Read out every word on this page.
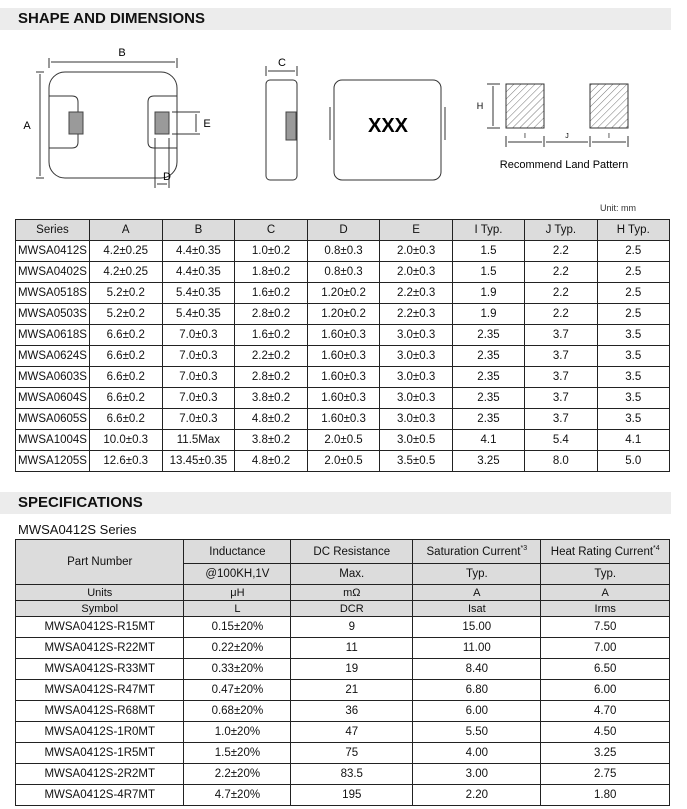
SHAPE AND DIMENSIONS
B
A	E
D
C
XXX
H
I	J	I
Recommend Land Pattern
Unit: mm
Series	A	B	C	D	E	I Typ.	J Typ.	H Typ.
MWSA0412S	4.2±0.25	4.4±0.35	1.0±0.2	0.8±0.3	2.0±0.3	1.5	2.2	2.5
MWSA0402S	4.2±0.25	4.4±0.35	1.8±0.2	0.8±0.3	2.0±0.3	1.5	2.2	2.5
MWSA0518S	5.2±0.2	5.4±0.35	1.6±0.2	1.20±0.2	2.2±0.3	1.9	2.2	2.5
MWSA0503S	5.2±0.2	5.4±0.35	2.8±0.2	1.20±0.2	2.2±0.3	1.9	2.2	2.5
MWSA0618S	6.6±0.2	7.0±0.3	1.6±0.2	1.60±0.3	3.0±0.3	2.35	3.7	3.5
MWSA0624S	6.6±0.2	7.0±0.3	2.2±0.2	1.60±0.3	3.0±0.3	2.35	3.7	3.5
MWSA0603S	6.6±0.2	7.0±0.3	2.8±0.2	1.60±0.3	3.0±0.3	2.35	3.7	3.5
MWSA0604S	6.6±0.2	7.0±0.3	3.8±0.2	1.60±0.3	3.0±0.3	2.35	3.7	3.5
MWSA0605S	6.6±0.2	7.0±0.3	4.8±0.2	1.60±0.3	3.0±0.3	2.35	3.7	3.5
MWSA1004S	10.0±0.3	11.5Max	3.8±0.2	2.0±0.5	3.0±0.5	4.1	5.4	4.1
MWSA1205S	12.6±0.3	13.45±0.35	4.8±0.2	2.0±0.5	3.5±0.5	3.25	8.0	5.0
SPECIFICATIONS
MWSA0412S Series
Part Number	Inductance	DC Resistance	Saturation Current$^{*3}$	Heat Rating Current$^{*4}$
	@100KH,1V	Max.	Typ.	Typ.
Units	μH	mΩ	A	A
Symbol	L	DCR	Isat	Irms
MWSA0412S-R15MT	0.15±20%	9	15.00	7.50
MWSA0412S-R22MT	0.22±20%	11	11.00	7.00
MWSA0412S-R33MT	0.33±20%	19	8.40	6.50
MWSA0412S-R47MT	0.47±20%	21	6.80	6.00
MWSA0412S-R68MT	0.68±20%	36	6.00	4.70
MWSA0412S-1R0MT	1.0±20%	47	5.50	4.50
MWSA0412S-1R5MT	1.5±20%	75	4.00	3.25
MWSA0412S-2R2MT	2.2±20%	83.5	3.00	2.75
MWSA0412S-4R7MT	4.7±20%	195	2.20	1.80
